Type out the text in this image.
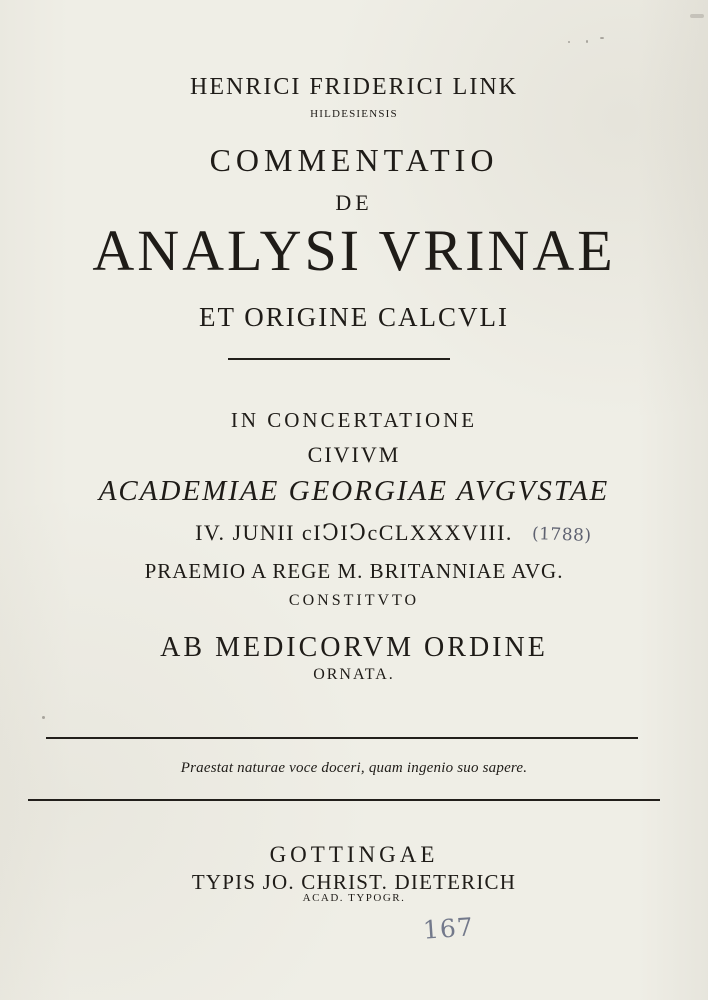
HENRICI FRIDERICI LINK
HILDESIENSIS
COMMENTATIO
DE
ANALYSI VRINAE
ET ORIGINE CALCVLI
IN CONCERTATIONE
CIVIVM
ACADEMIAE GEORGIAE AVGVSTAE
IV. JUNII cIↃIↃcCLXXXVIII.	(1788)
PRAEMIO A REGE M. BRITANNIAE AVG.
CONSTITVTO
AB MEDICORVM ORDINE
ORNATA.
Praestat naturae voce doceri, quam ingenio suo sapere.
GOTTINGAE
TYPIS JO. CHRIST. DIETERICH
ACAD. TYPOGR.
167
